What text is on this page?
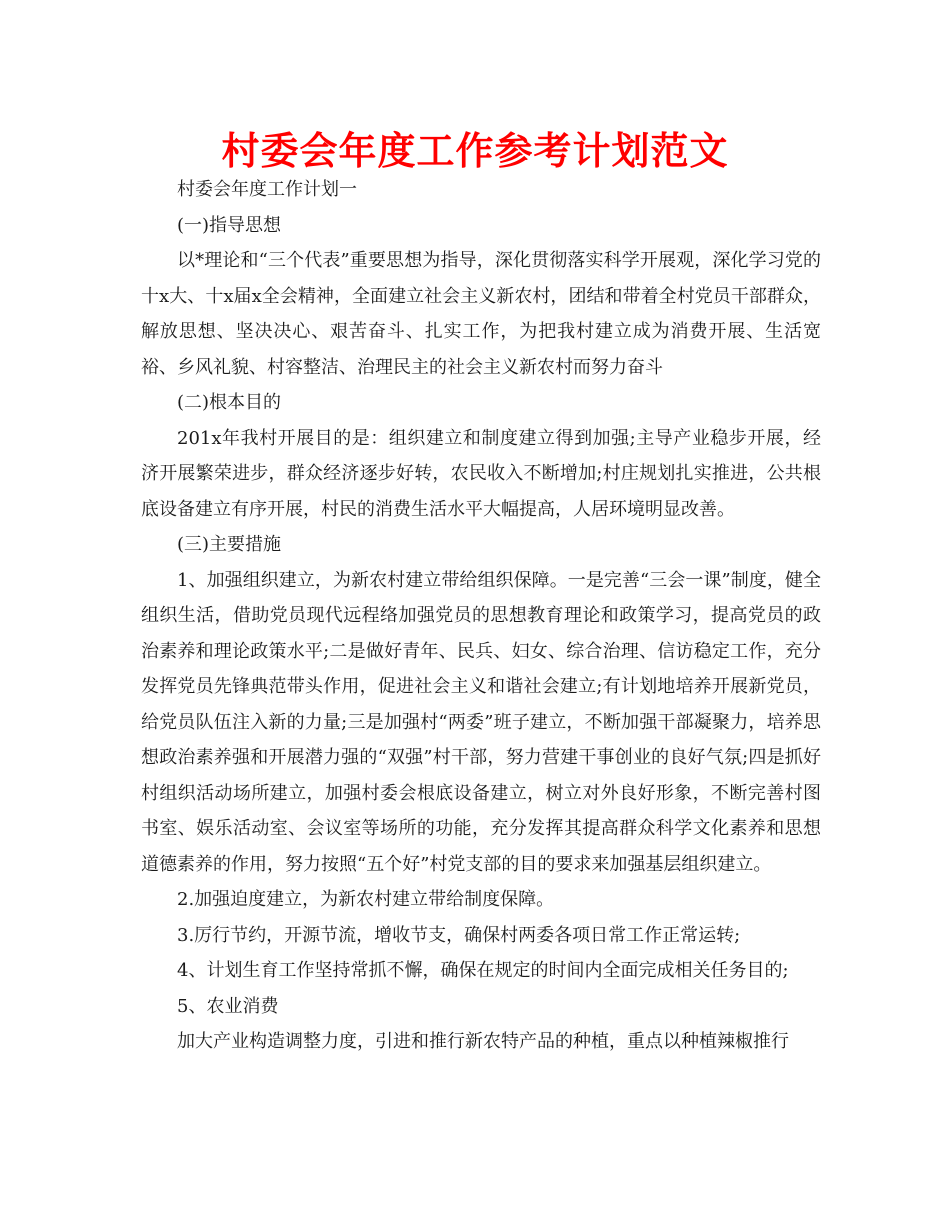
村委会年度工作参考计划范文

村委会年度工作计划一

(一)指导思想

以*理论和“三个代表”重要思想为指导，深化贯彻落实科学开展观，深化学习党的十x大、十x届x全会精神，全面建立社会主义新农村，团结和带着全村党员干部群众，解放思想、坚决决心、艰苦奋斗、扎实工作，为把我村建立成为消费开展、生活宽裕、乡风礼貌、村容整洁、治理民主的社会主义新农村而努力奋斗

(二)根本目的

201x年我村开展目的是：组织建立和制度建立得到加强;主导产业稳步开展，经济开展繁荣进步，群众经济逐步好转，农民收入不断增加;村庄规划扎实推进，公共根底设备建立有序开展，村民的消费生活水平大幅提高，人居环境明显改善。

(三)主要措施

1、加强组织建立，为新农村建立带给组织保障。一是完善“三会一课”制度，健全组织生活，借助党员现代远程络加强党员的思想教育理论和政策学习，提高党员的政治素养和理论政策水平;二是做好青年、民兵、妇女、综合治理、信访稳定工作，充分发挥党员先锋典范带头作用，促进社会主义和谐社会建立;有计划地培养开展新党员，给党员队伍注入新的力量;三是加强村“两委”班子建立，不断加强干部凝聚力，培养思想政治素养强和开展潜力强的“双强”村干部，努力营建干事创业的良好气氛;四是抓好村组织活动场所建立，加强村委会根底设备建立，树立对外良好形象，不断完善村图书室、娱乐活动室、会议室等场所的功能，充分发挥其提高群众科学文化素养和思想道德素养的作用，努力按照“五个好”村党支部的目的要求来加强基层组织建立。

2.加强迫度建立，为新农村建立带给制度保障。

3.厉行节约，开源节流，增收节支，确保村两委各项日常工作正常运转;

4、计划生育工作坚持常抓不懈，确保在规定的时间内全面完成相关任务目的;

5、农业消费

加大产业构造调整力度，引进和推行新农特产品的种植，重点以种植辣椒推行
